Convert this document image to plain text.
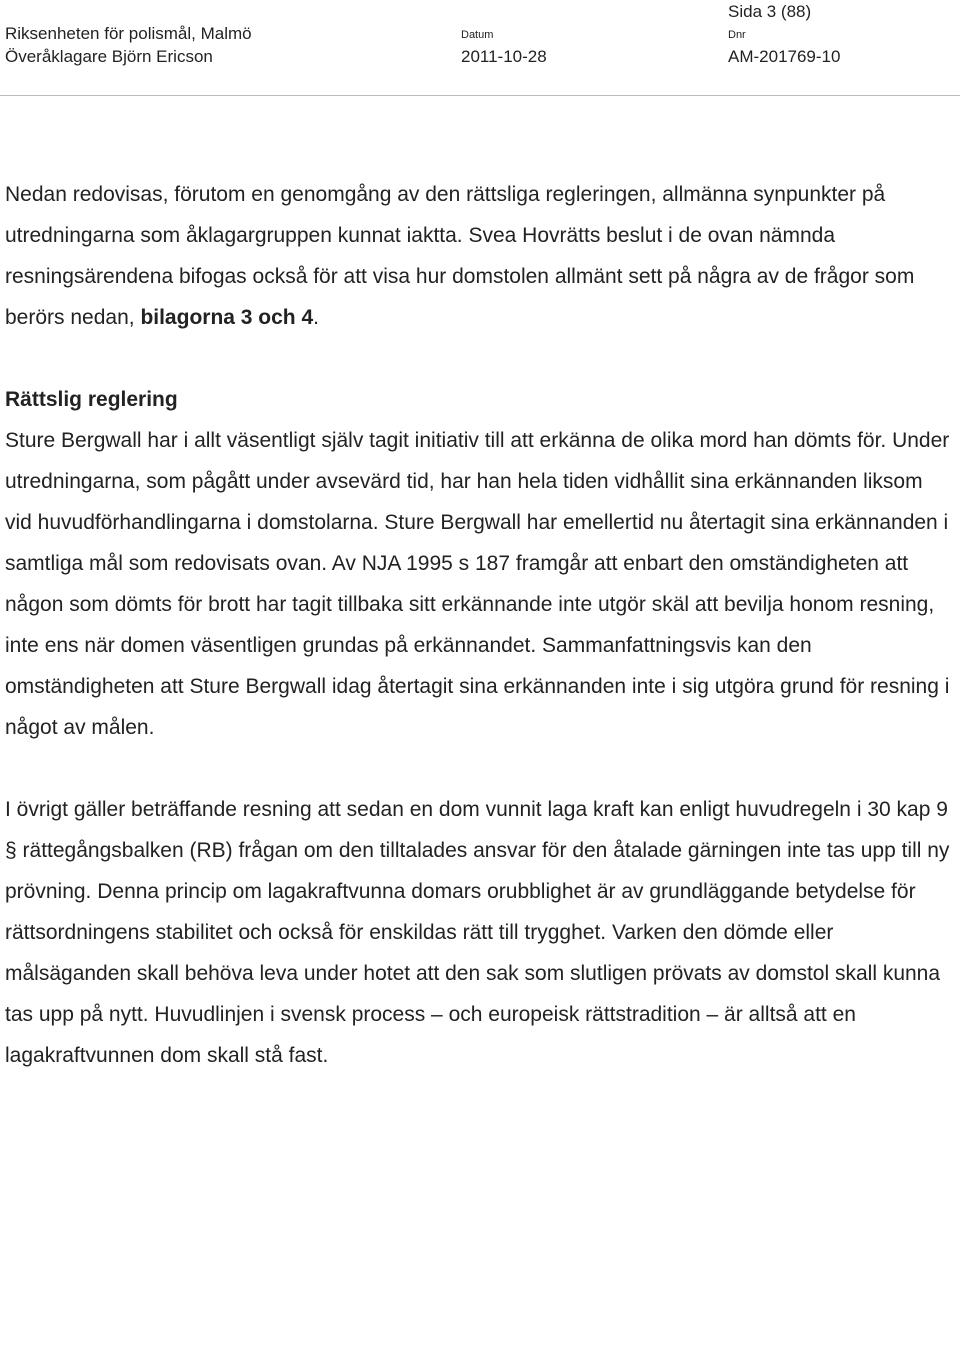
Sida 3 (88)
Riksenheten för polismål, Malmö
Överåklagare Björn Ericson
Datum
2011-10-28
Dnr
AM-201769-10

Nedan redovisas, förutom en genomgång av den rättsliga regleringen, allmänna synpunkter på utredningarna som åklagargruppen kunnat iaktta. Svea Hovrätts beslut i de ovan nämnda resningsärendena bifogas också för att visa hur domstolen allmänt sett på några av de frågor som berörs nedan, bilagorna 3 och 4.

Rättslig reglering

Sture Bergwall har i allt väsentligt själv tagit initiativ till att erkänna de olika mord han dömts för. Under utredningarna, som pågått under avsevärd tid, har han hela tiden vidhållit sina erkännanden liksom vid huvudförhandlingarna i domstolarna. Sture Bergwall har emellertid nu återtagit sina erkännanden i samtliga mål som redovisats ovan. Av NJA 1995 s 187 framgår att enbart den omständigheten att någon som dömts för brott har tagit tillbaka sitt erkännande inte utgör skäl att bevilja honom resning, inte ens när domen väsentligen grundas på erkännandet. Sammanfattningsvis kan den omständigheten att Sture Bergwall idag återtagit sina erkännanden inte i sig utgöra grund för resning i något av målen.

I övrigt gäller beträffande resning att sedan en dom vunnit laga kraft kan enligt huvudregeln i 30 kap 9 § rättegångsbalken (RB) frågan om den tilltalades ansvar för den åtalade gärningen inte tas upp till ny prövning. Denna princip om lagakraftvunna domars orubblighet är av grundläggande betydelse för rättsordningens stabilitet och också för enskildas rätt till trygghet. Varken den dömde eller målsäganden skall behöva leva under hotet att den sak som slutligen prövats av domstol skall kunna tas upp på nytt. Huvudlinjen i svensk process – och europeisk rättstradition – är alltså att en lagakraftvunnen dom skall stå fast.
